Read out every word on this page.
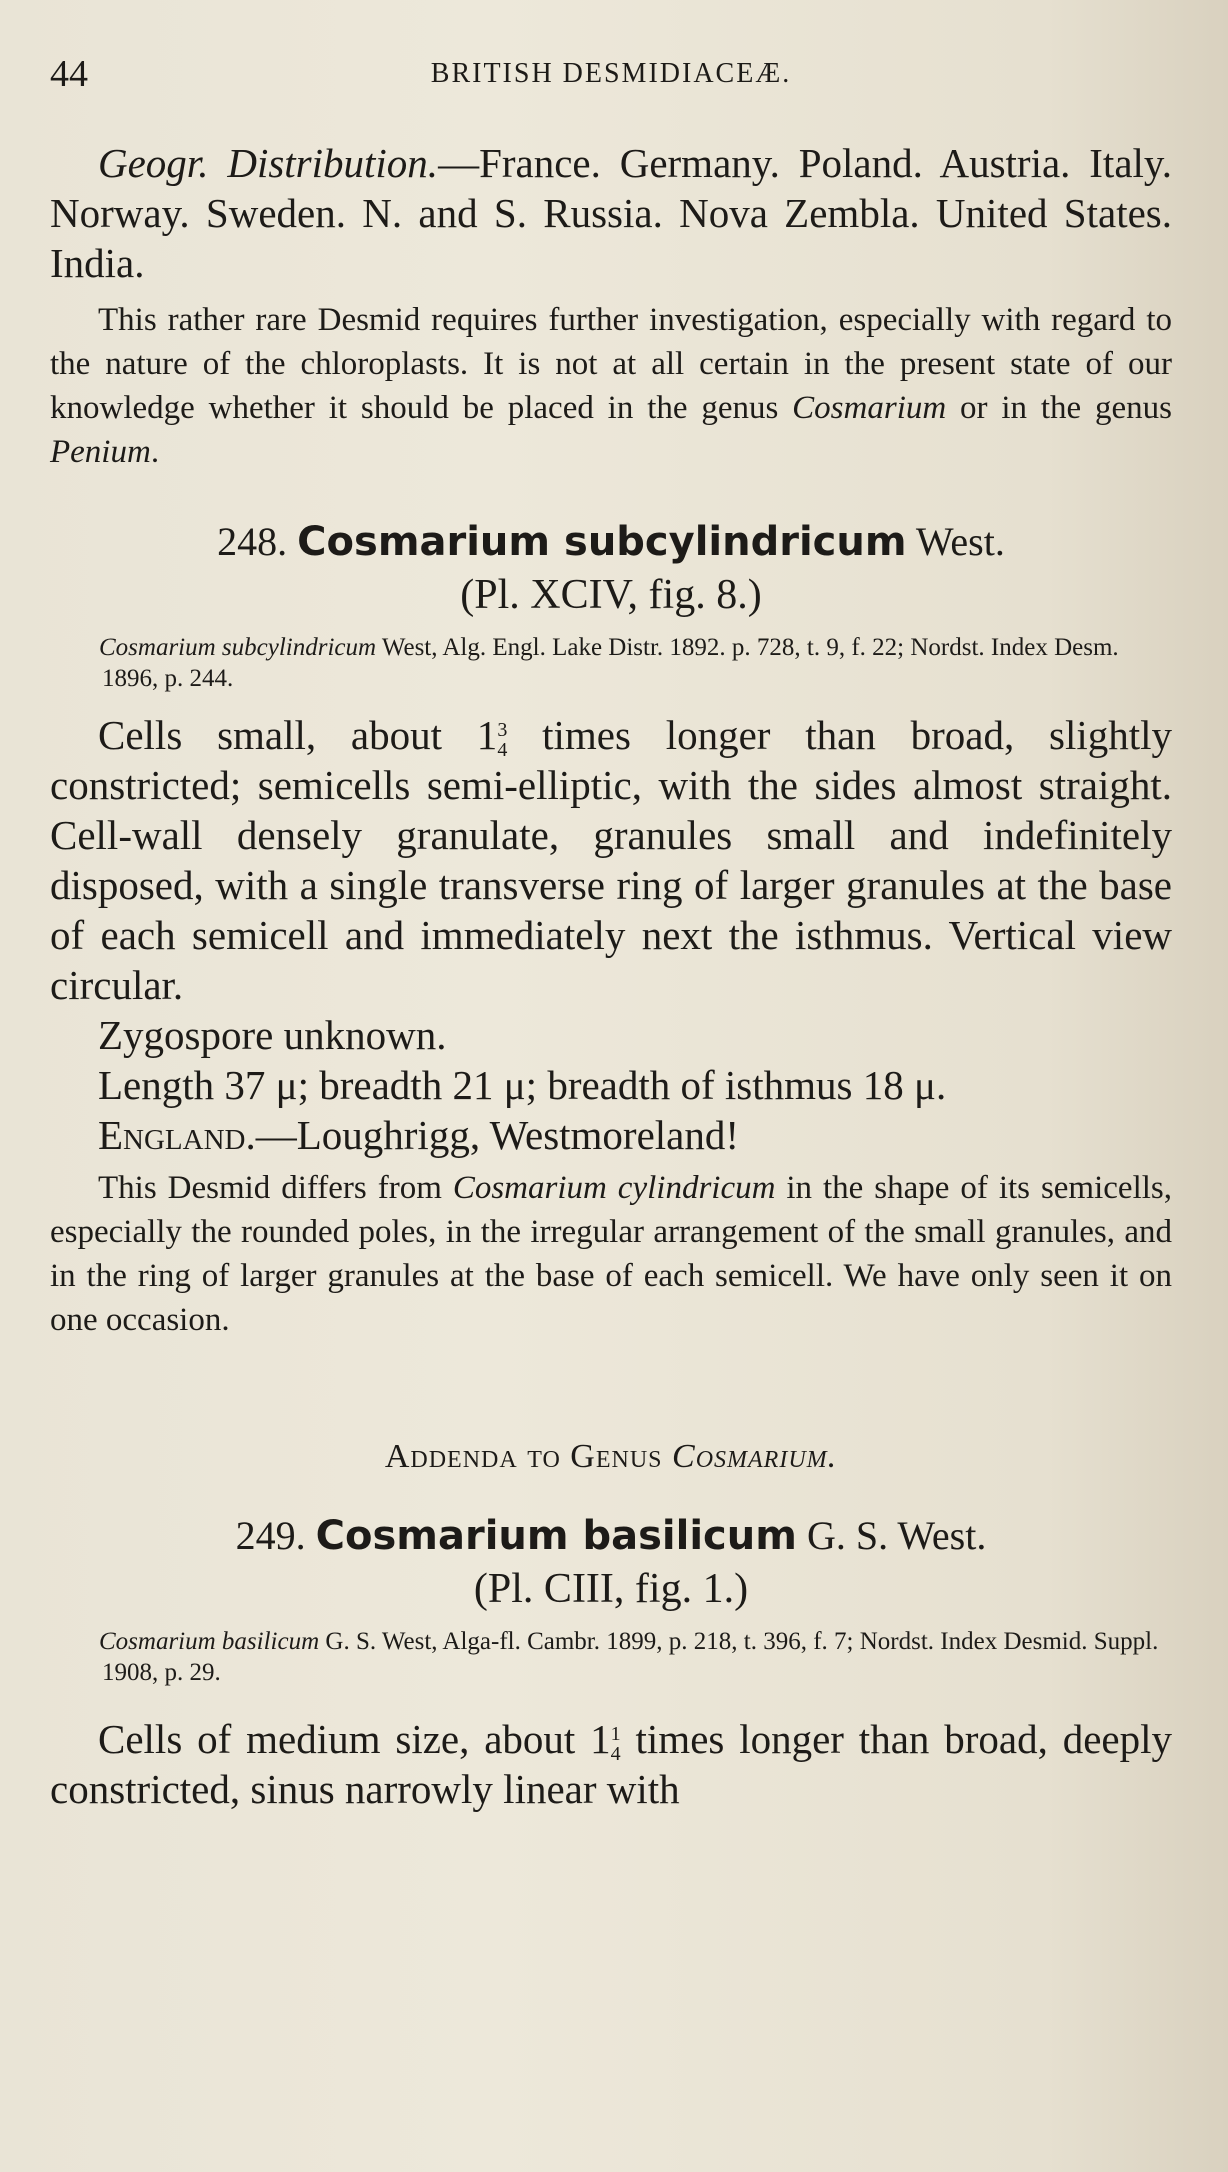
44	BRITISH DESMIDIACEÆ.

Geogr. Distribution.—France. Germany. Poland. Austria. Italy. Norway. Sweden. N. and S. Russia. Nova Zembla. United States. India.

This rather rare Desmid requires further investigation, especially with regard to the nature of the chloroplasts. It is not at all certain in the present state of our knowledge whether it should be placed in the genus Cosmarium or in the genus Penium.

248. Cosmarium subcylindricum West.
(Pl. XCIV, fig. 8.)

Cosmarium subcylindricum West, Alg. Engl. Lake Distr. 1892. p. 728, t. 9, f. 22; Nordst. Index Desm. 1896, p. 244.

Cells small, about 1 3
4 times longer than broad, slightly constricted; semicells semi-elliptic, with the sides almost straight. Cell-wall densely granulate, granules small and indefinitely disposed, with a single transverse ring of larger granules at the base of each semicell and immediately next the isthmus. Vertical view circular.

Zygospore unknown.

Length 37 μ; breadth 21 μ; breadth of isthmus 18 μ.

England.—Loughrigg, Westmoreland!

This Desmid differs from Cosmarium cylindricum in the shape of its semicells, especially the rounded poles, in the irregular arrangement of the small granules, and in the ring of larger granules at the base of each semicell. We have only seen it on one occasion.

Addenda to Genus Cosmarium.
249. Cosmarium basilicum G. S. West.
(Pl. CIII, fig. 1.)

Cosmarium basilicum G. S. West, Alga-fl. Cambr. 1899, p. 218, t. 396, f. 7; Nordst. Index Desmid. Suppl. 1908, p. 29.

Cells of medium size, about 1 1
4 times longer than broad, deeply constricted, sinus narrowly linear with
